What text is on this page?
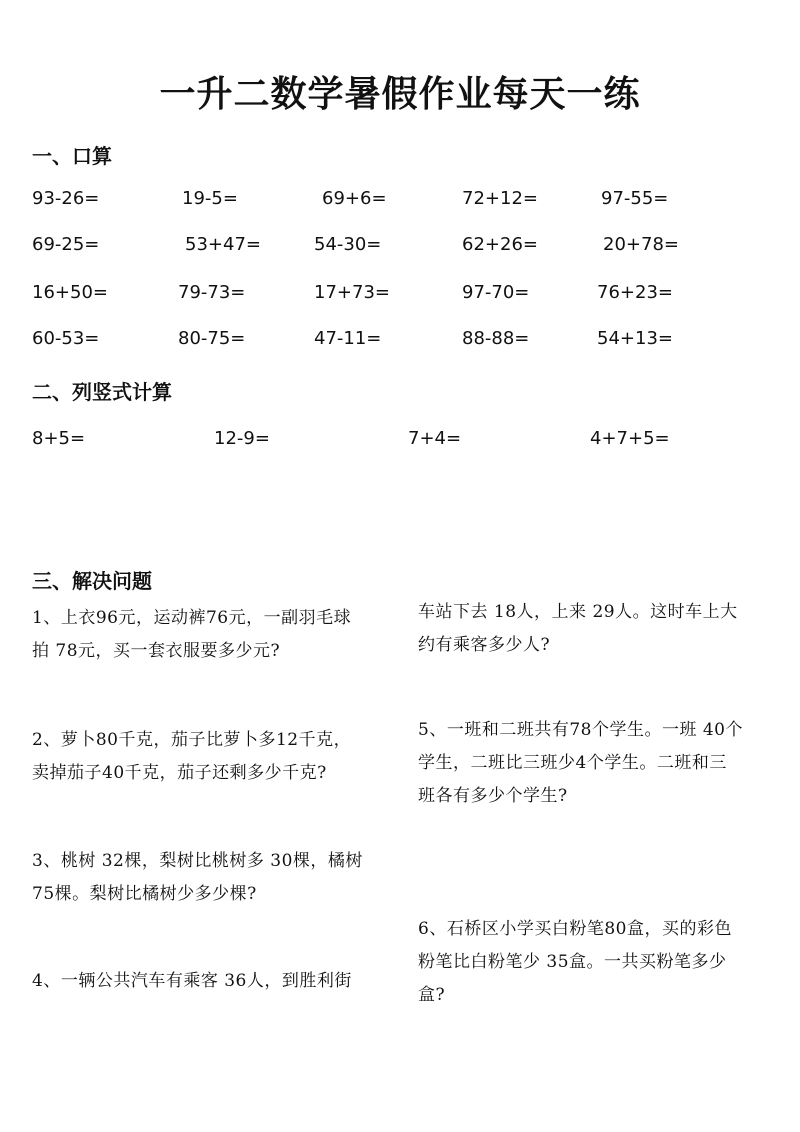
一升二数学暑假作业每天一练
一、口算
93-26=	19-5=	69+6=	72+12=	97-55=
69-25=	53+47=	54-30=	62+26=	20+78=
16+50=	79-73=	17+73=	97-70=	76+23=
60-53=	80-75=	47-11=	88-88=	54+13=
二、列竖式计算
8+5=	12-9=	7+4=	4+7+5=
三、解决问题
1、上衣96元，运动裤76元，一副羽毛球
拍 78元，买一套衣服要多少元?
2、萝卜80千克，茄子比萝卜多12千克，
卖掉茄子40千克，茄子还剩多少千克?
3、桃树 32棵，梨树比桃树多 30棵，橘树
75棵。梨树比橘树少多少棵?
4、一辆公共汽车有乘客 36人，到胜利街
车站下去 18人，上来 29人。这时车上大
约有乘客多少人?
5、一班和二班共有78个学生。一班 40个
学生，二班比三班少4个学生。二班和三
班各有多少个学生?
6、石桥区小学买白粉笔80盒，买的彩色
粉笔比白粉笔少 35盒。一共买粉笔多少
盒?
